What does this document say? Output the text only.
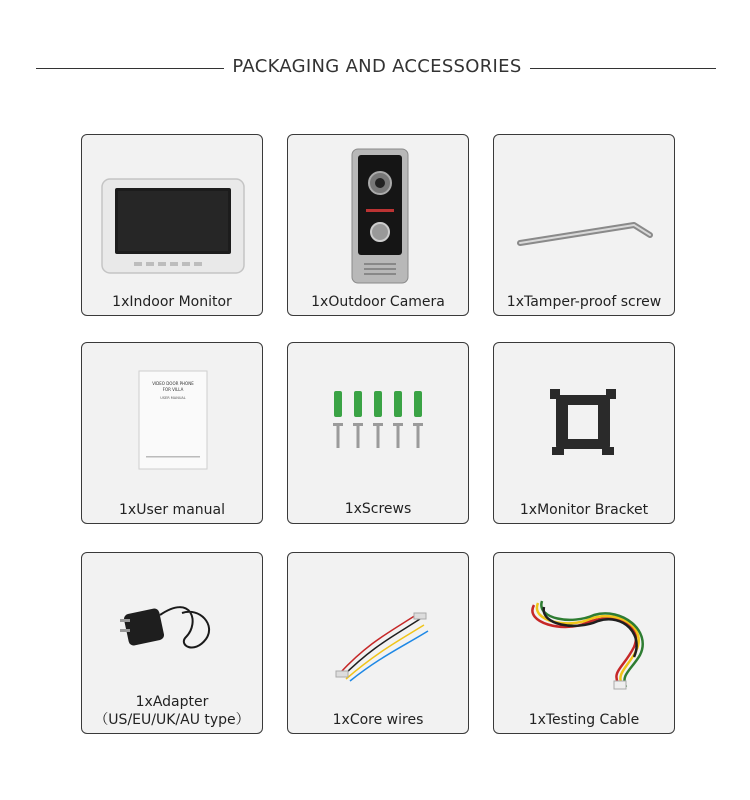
PACKAGING AND ACCESSORIES
1xIndoor Monitor	1xOutdoor Camera	1xTamper-proof screw
VIDEO DOOR PHONE
FOR VILLA
USER MANUAL
1xUser manual	1xScrews	1xMonitor Bracket
1xAdapter
（US/EU/UK/AU type）	1xCore wires	1xTesting Cable
